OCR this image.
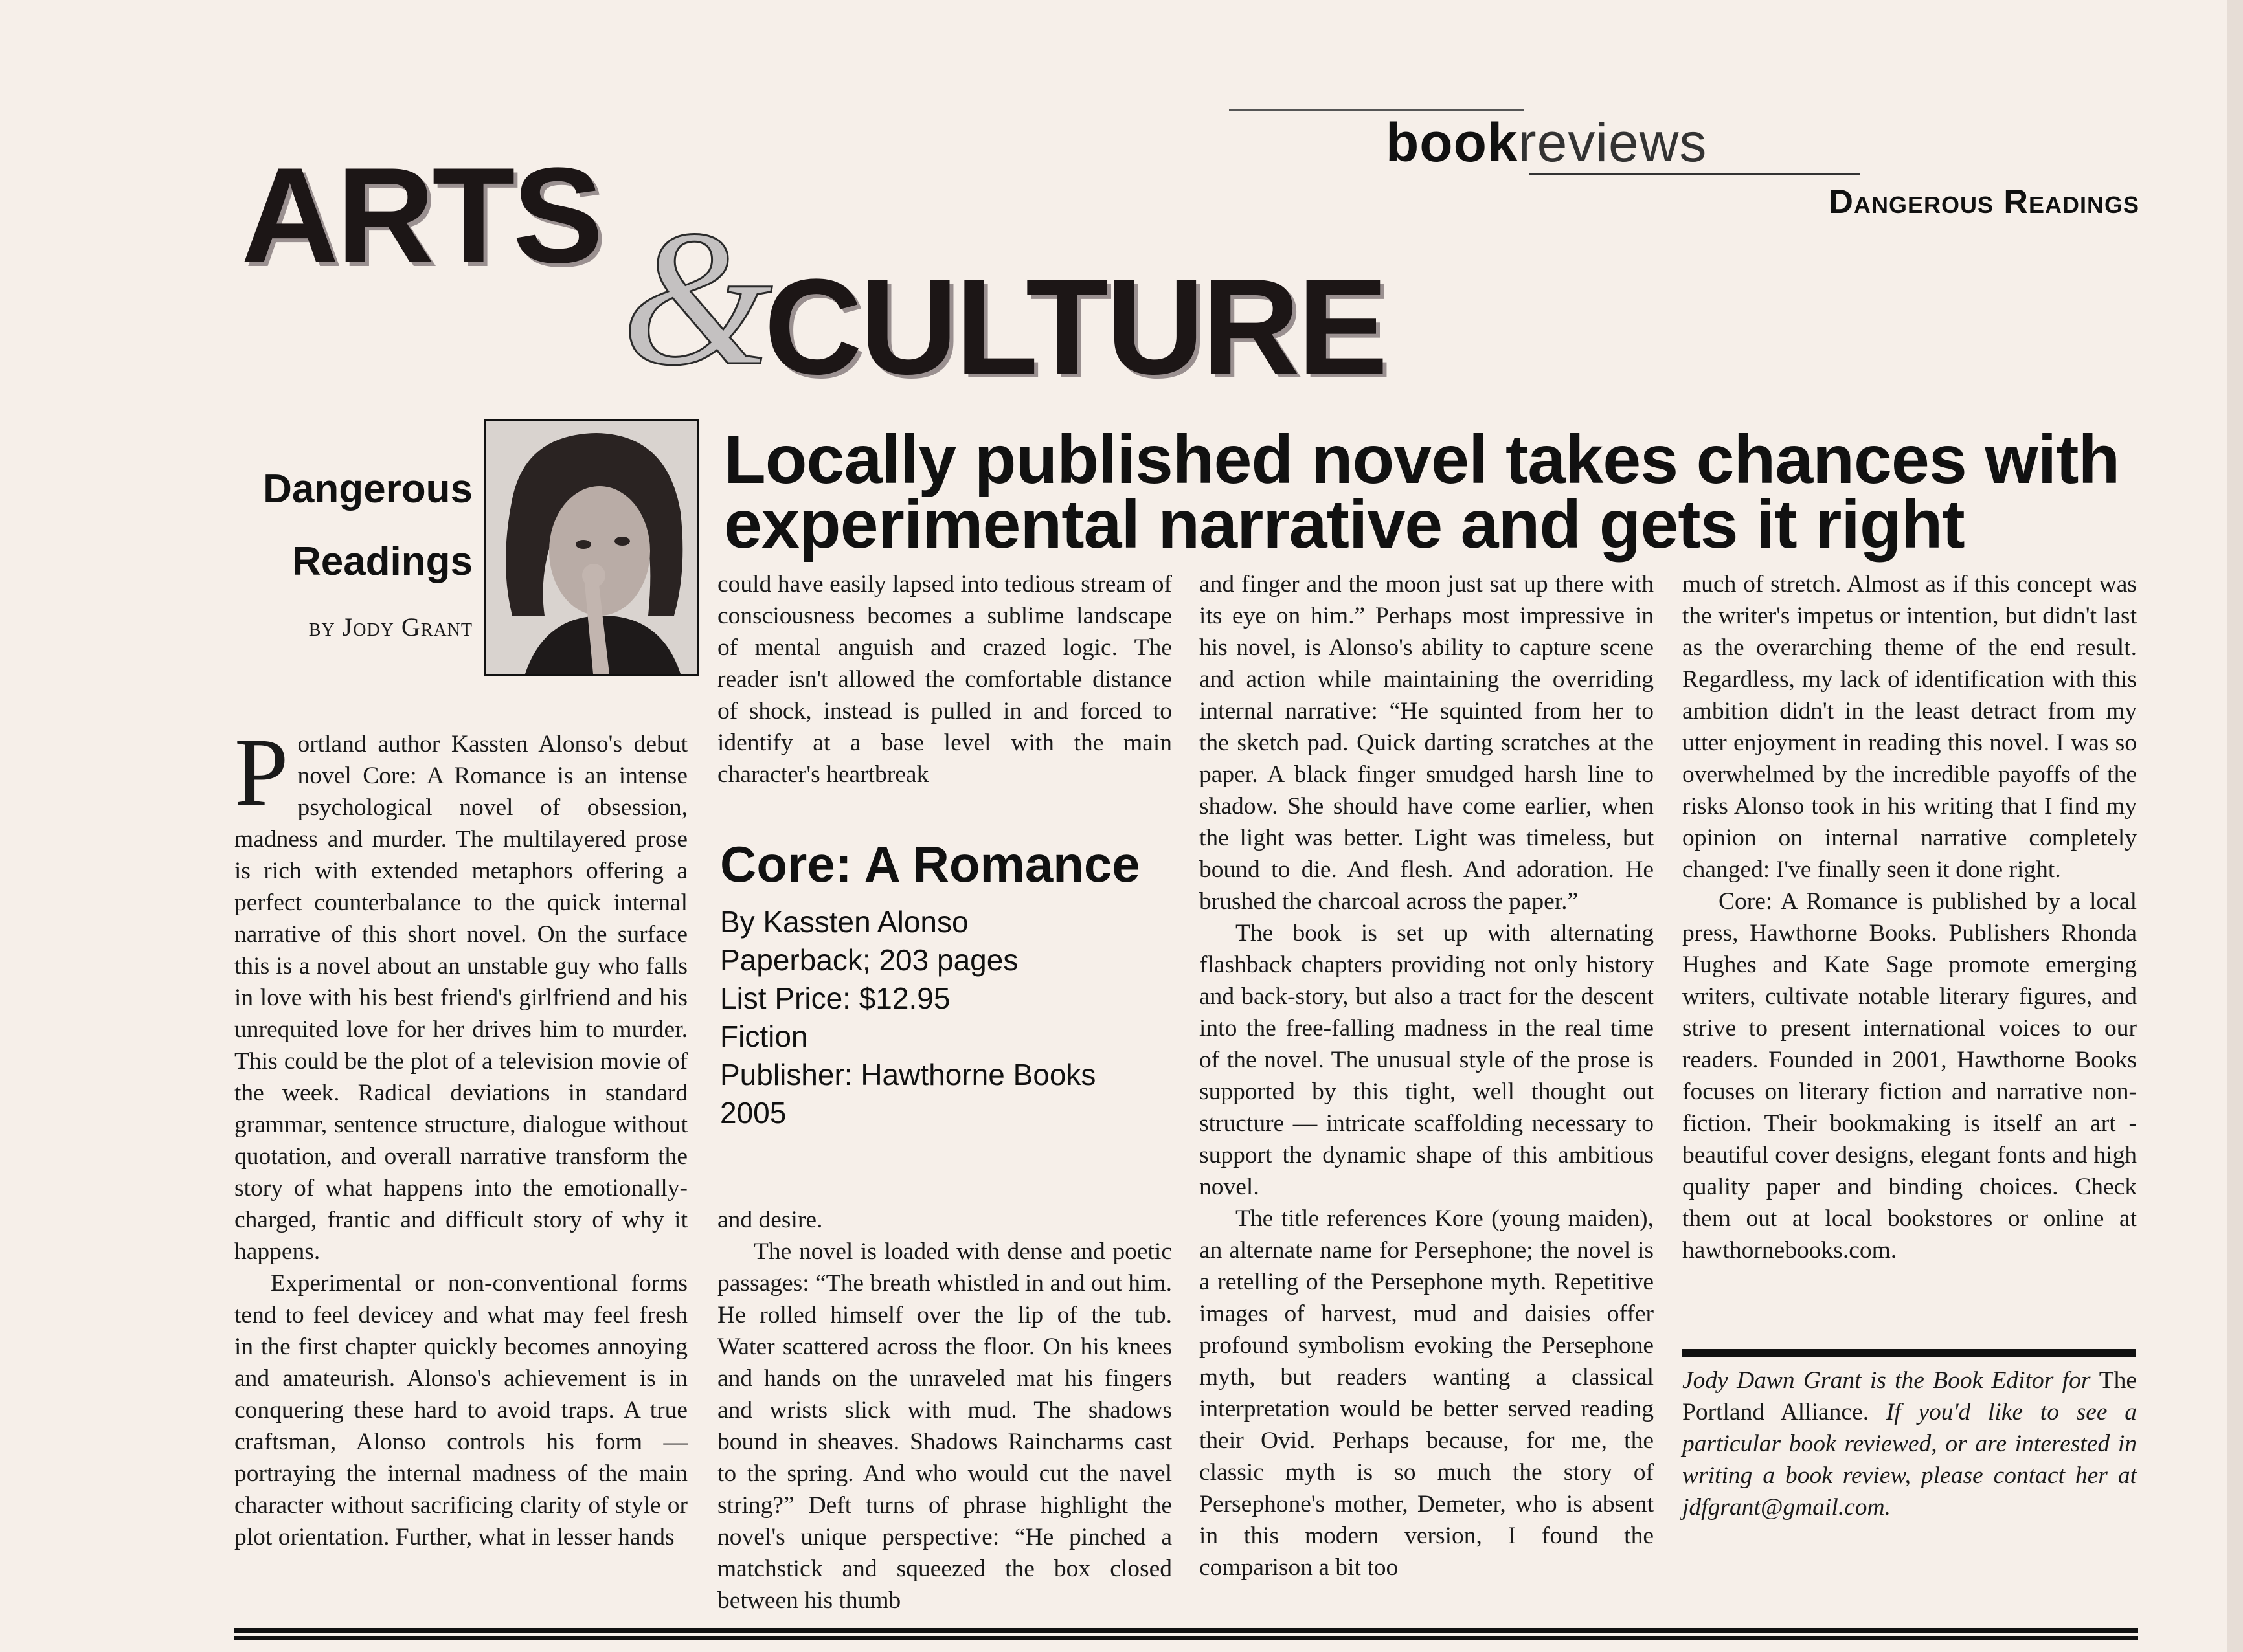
bookreviews
Dangerous Readings
ARTS &
CULTURE
Dangerous
Readings
by Jody Grant
Locally published novel takes chances with experimental narrative and gets it right

Portland author Kassten Alonso's debut novel Core: A Romance is an intense psychological novel of obsession, madness and murder. The multilayered prose is rich with extended metaphors offering a perfect counterbalance to the quick internal narrative of this short novel. On the surface this is a novel about an unstable guy who falls in love with his best friend's girlfriend and his unrequited love for her drives him to murder. This could be the plot of a television movie of the week. Radical deviations in standard grammar, sentence structure, dialogue without quotation, and overall narrative transform the story of what happens into the emotionally-charged, frantic and difficult story of why it happens.

Experimental or non-conventional forms tend to feel devicey and what may feel fresh in the first chapter quickly becomes annoying and amateurish. Alonso's achievement is in conquering these hard to avoid traps. A true craftsman, Alonso controls his form — portraying the internal madness of the main character without sacrificing clarity of style or plot orientation. Further, what in lesser hands

could have easily lapsed into tedious stream of consciousness becomes a sublime landscape of mental anguish and crazed logic. The reader isn't allowed the comfortable distance of shock, instead is pulled in and forced to identify at a base level with the main character's heartbreak

Core: A Romance
By Kassten Alonso
Paperback; 203 pages
List Price: $12.95
Fiction
Publisher: Hawthorne Books
2005

and desire.

The novel is loaded with dense and poetic passages: “The breath whistled in and out him. He rolled himself over the lip of the tub. Water scattered across the floor. On his knees and hands on the unraveled mat his fingers and wrists slick with mud. The shadows bound in sheaves. Shadows Raincharms cast to the spring. And who would cut the navel string?” Deft turns of phrase highlight the novel's unique perspective: “He pinched a matchstick and squeezed the box closed between his thumb

and finger and the moon just sat up there with its eye on him.” Perhaps most impressive in his novel, is Alonso's ability to capture scene and action while maintaining the overriding internal narrative: “He squinted from her to the sketch pad. Quick darting scratches at the paper. A black finger smudged harsh line to shadow. She should have come earlier, when the light was better. Light was timeless, but bound to die. And flesh. And adoration. He brushed the charcoal across the paper.”

The book is set up with alternating flashback chapters providing not only history and back-story, but also a tract for the descent into the free-falling madness in the real time of the novel. The unusual style of the prose is supported by this tight, well thought out structure — intricate scaffolding necessary to support the dynamic shape of this ambitious novel.

The title references Kore (young maiden), an alternate name for Persephone; the novel is a retelling of the Persephone myth. Repetitive images of harvest, mud and daisies offer profound symbolism evoking the Persephone myth, but readers wanting a classical interpretation would be better served reading their Ovid. Perhaps because, for me, the classic myth is so much the story of Persephone's mother, Demeter, who is absent in this modern version, I found the comparison a bit too

much of stretch. Almost as if this concept was the writer's impetus or intention, but didn't last as the overarching theme of the end result. Regardless, my lack of identification with this ambition didn't in the least detract from my utter enjoyment in reading this novel. I was so overwhelmed by the incredible payoffs of the risks Alonso took in his writing that I find my opinion on internal narrative completely changed: I've finally seen it done right.

Core: A Romance is published by a local press, Hawthorne Books. Publishers Rhonda Hughes and Kate Sage promote emerging writers, cultivate notable literary figures, and strive to present international voices to our readers. Founded in 2001, Hawthorne Books focuses on literary fiction and narrative non-fiction. Their bookmaking is itself an art - beautiful cover designs, elegant fonts and high quality paper and binding choices. Check them out at local bookstores or online at hawthornebooks.com.

Jody Dawn Grant is the Book Editor for The Portland Alliance. If you'd like to see a particular book reviewed, or are interested in writing a book review, please contact her at jdfgrant@gmail.com.
